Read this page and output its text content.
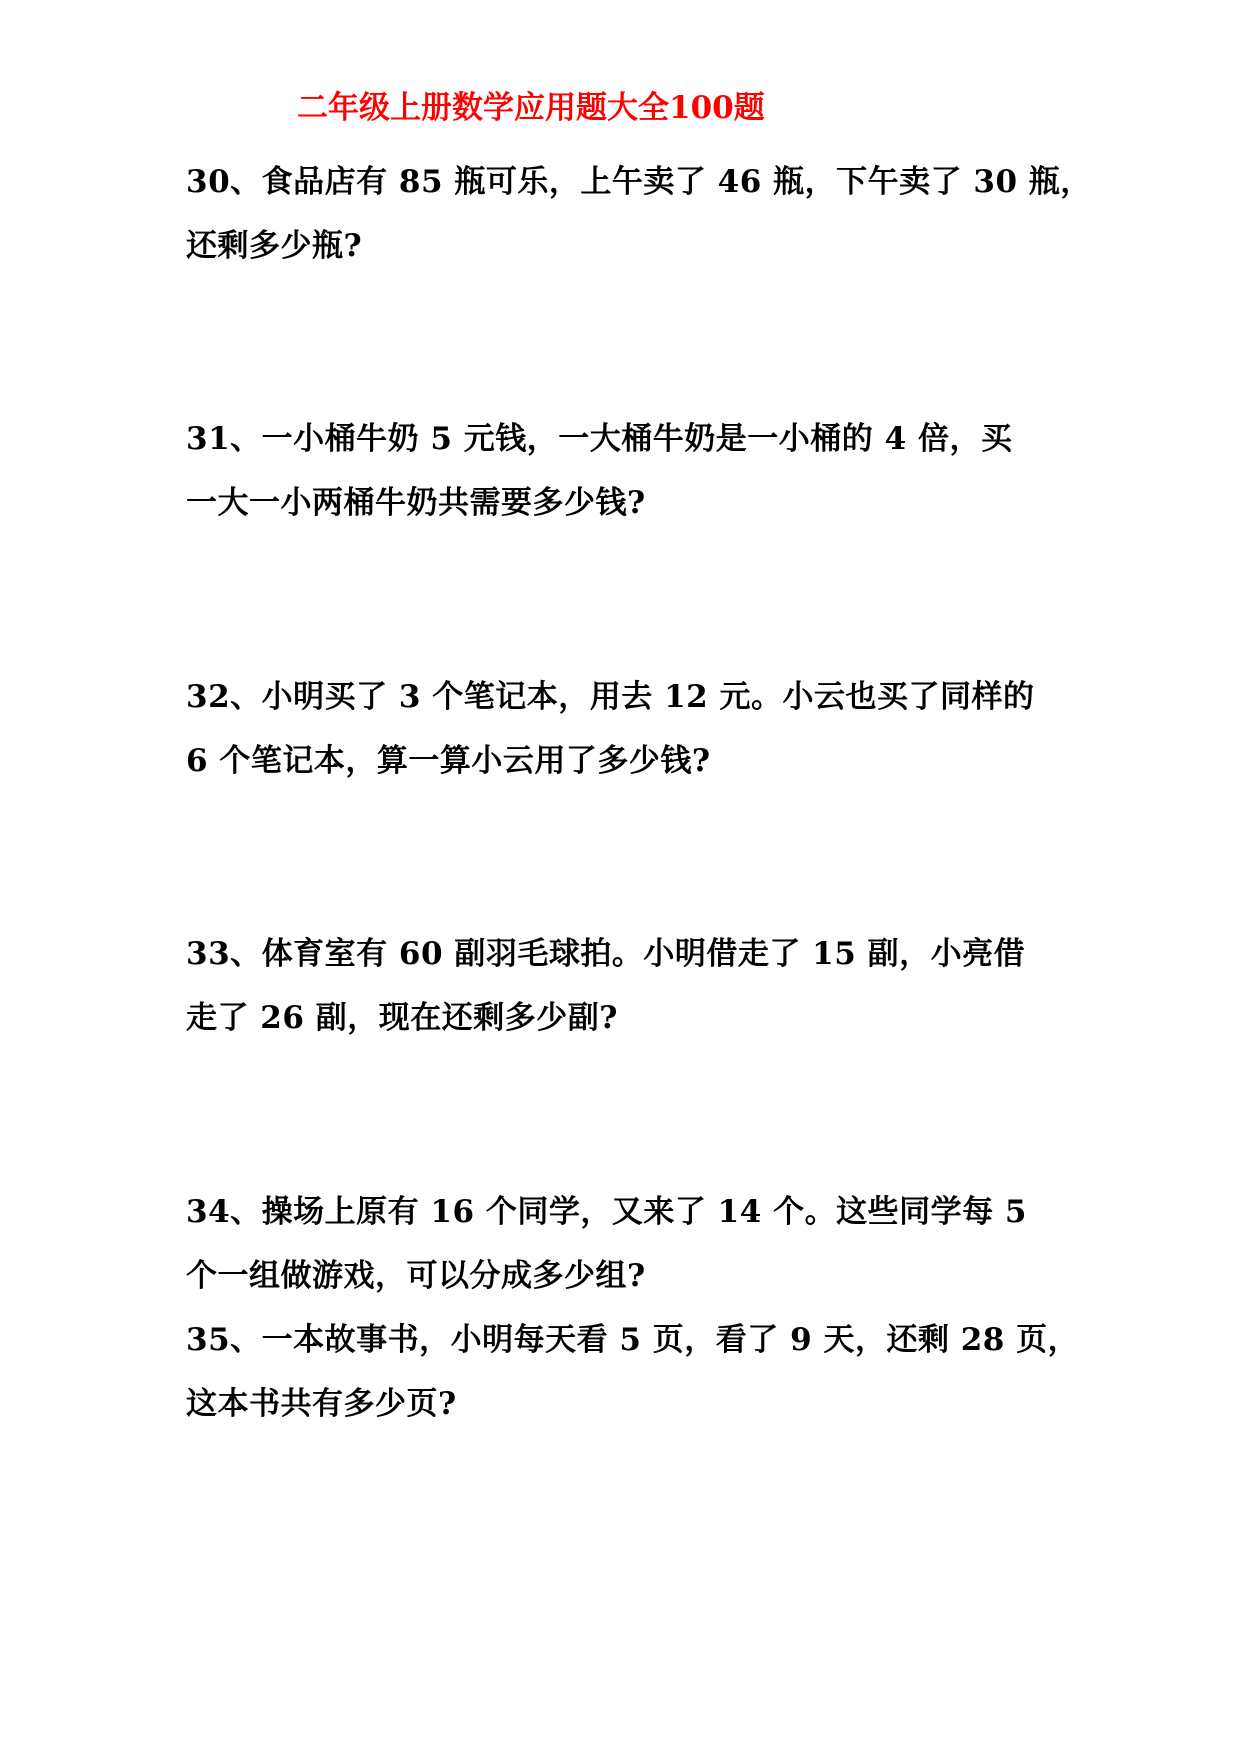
二年级上册数学应用题大全100题
30、食品店有 85 瓶可乐，上午卖了 46 瓶，下午卖了 30 瓶，
还剩多少瓶?
31、一小桶牛奶 5 元钱，一大桶牛奶是一小桶的 4 倍，买
一大一小两桶牛奶共需要多少钱?
32、小明买了 3 个笔记本，用去 12 元。小云也买了同样的
6 个笔记本，算一算小云用了多少钱?
33、体育室有 60 副羽毛球拍。小明借走了 15 副，小亮借
走了 26 副，现在还剩多少副?
34、操场上原有 16 个同学，又来了 14 个。这些同学每 5
个一组做游戏，可以分成多少组?
35、一本故事书，小明每天看 5 页，看了 9 天，还剩 28 页，
这本书共有多少页?
